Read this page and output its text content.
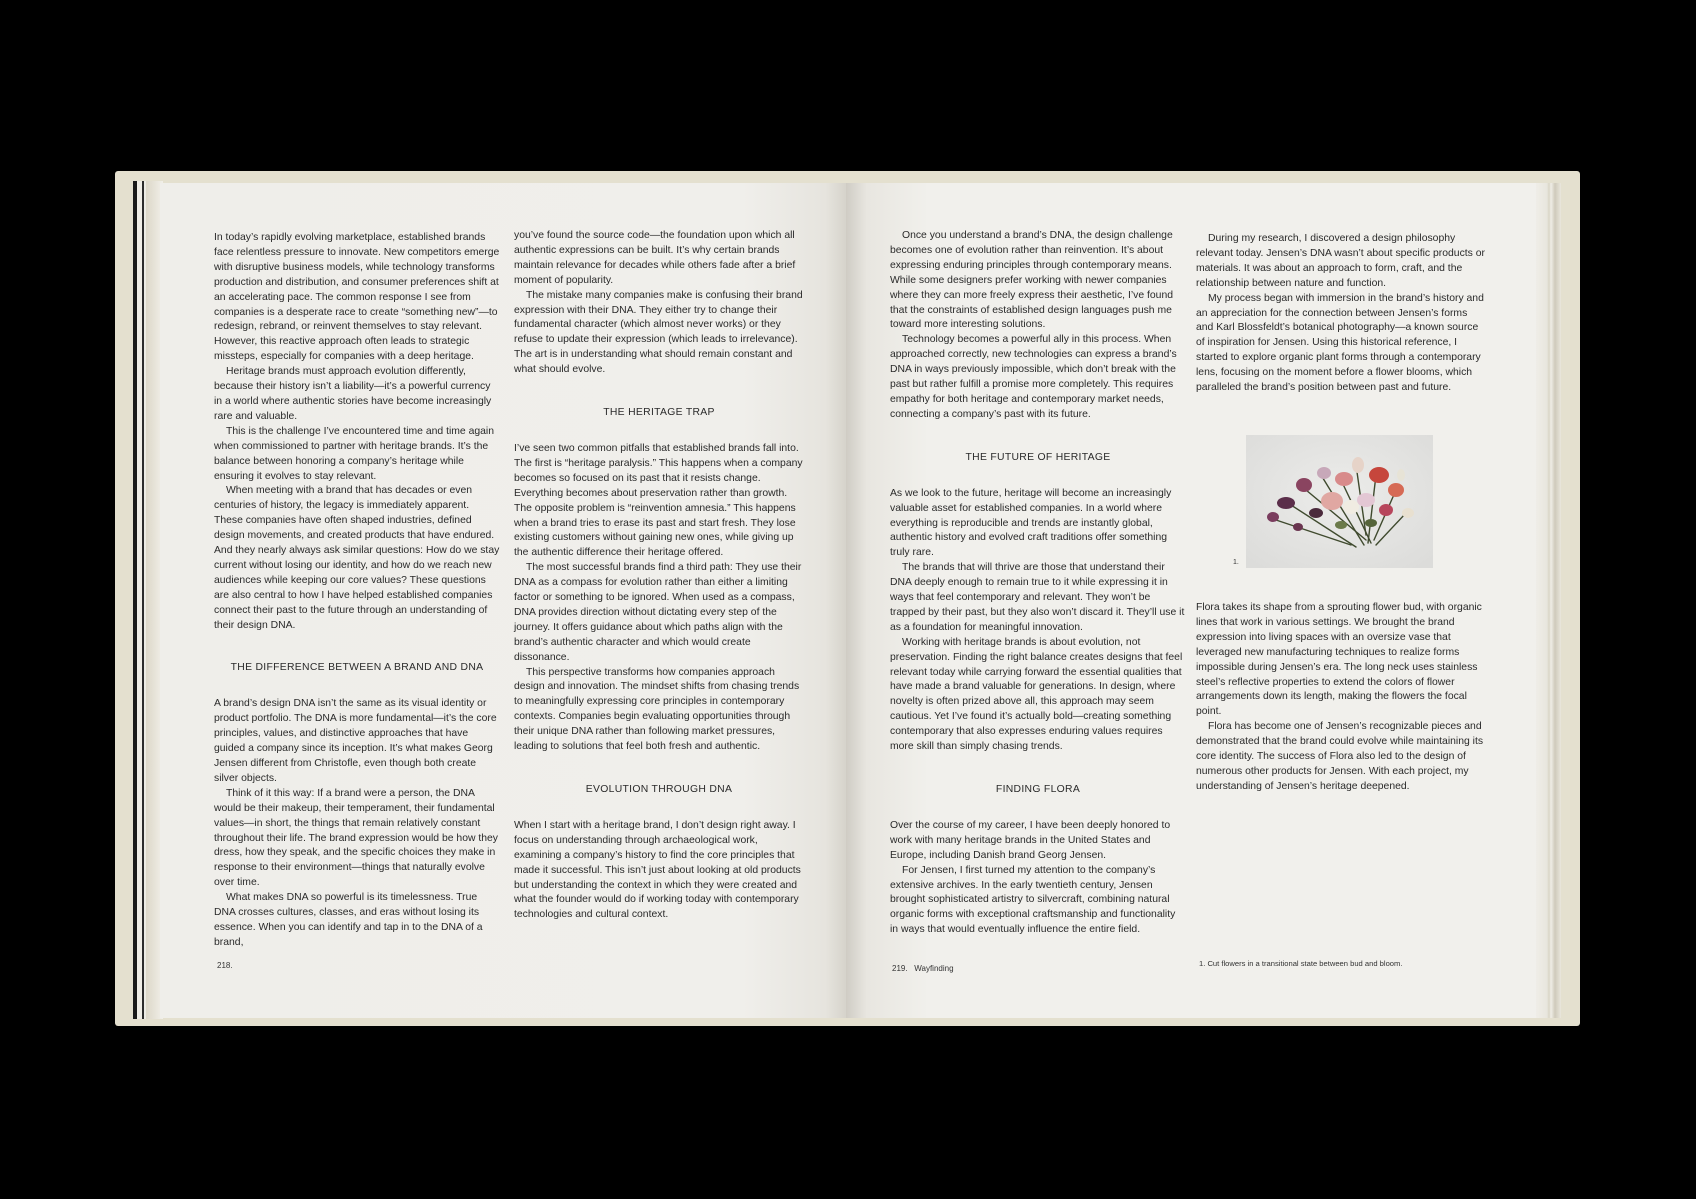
In today’s rapidly evolving marketplace, established brands face relentless pressure to innovate. New competitors emerge with disruptive business models, while technology transforms production and distribution, and consumer preferences shift at an accelerating pace. The common response I see from companies is a desperate race to create “something new”—to redesign, rebrand, or reinvent themselves to stay relevant. However, this reactive approach often leads to strategic missteps, especially for companies with a deep heritage.

Heritage brands must approach evolution differently, because their history isn’t a liability—it’s a powerful currency in a world where authentic stories have become increasingly rare and valuable.

This is the challenge I’ve encountered time and time again when commissioned to partner with heritage brands. It’s the balance between honoring a company’s heritage while ensuring it evolves to stay relevant.

When meeting with a brand that has decades or even centuries of history, the legacy is immediately apparent. These companies have often shaped industries, defined design movements, and created products that have endured. And they nearly always ask similar questions: How do we stay current without losing our identity, and how do we reach new audiences while keeping our core values? These questions are also central to how I have helped established companies connect their past to the future through an understanding of their design DNA.

THE DIFFERENCE BETWEEN A BRAND AND DNA

A brand’s design DNA isn’t the same as its visual identity or product portfolio. The DNA is more fundamental—it’s the core principles, values, and distinctive approaches that have guided a company since its inception. It’s what makes Georg Jensen different from Christofle, even though both create silver objects.

Think of it this way: If a brand were a person, the DNA would be their makeup, their temperament, their fundamental values—in short, the things that remain relatively constant throughout their life. The brand expression would be how they dress, how they speak, and the specific choices they make in response to their environment—things that naturally evolve over time.

What makes DNA so powerful is its timelessness. True DNA crosses cultures, classes, and eras without losing its essence. When you can identify and tap in to the DNA of a brand,

you’ve found the source code—the foundation upon which all authentic expressions can be built. It’s why certain brands maintain relevance for decades while others fade after a brief moment of popularity.

The mistake many companies make is confusing their brand expression with their DNA. They either try to change their fundamental character (which almost never works) or they refuse to update their expression (which leads to irrelevance). The art is in understanding what should remain constant and what should evolve.

THE HERITAGE TRAP

I’ve seen two common pitfalls that established brands fall into. The first is “heritage paralysis.” This happens when a company becomes so focused on its past that it resists change. Everything becomes about preservation rather than growth. The opposite problem is “reinvention amnesia.” This happens when a brand tries to erase its past and start fresh. They lose existing customers without gaining new ones, while giving up the authentic difference their heritage offered.

The most successful brands find a third path: They use their DNA as a compass for evolution rather than either a limiting factor or something to be ignored. When used as a compass, DNA provides direction without dictating every step of the journey. It offers guidance about which paths align with the brand’s authentic character and which would create dissonance.

This perspective transforms how companies approach design and innovation. The mindset shifts from chasing trends to meaningfully expressing core principles in contemporary contexts. Companies begin evaluating opportunities through their unique DNA rather than following market pressures, leading to solutions that feel both fresh and authentic.

EVOLUTION THROUGH DNA

When I start with a heritage brand, I don’t design right away. I focus on understanding through archaeological work, examining a company’s history to find the core principles that made it successful. This isn’t just about looking at old products but understanding the context in which they were created and what the founder would do if working today with contemporary technologies and cultural context.

218.

Once you understand a brand’s DNA, the design challenge becomes one of evolution rather than reinvention. It’s about expressing enduring principles through contemporary means. While some designers prefer working with newer companies where they can more freely express their aesthetic, I’ve found that the constraints of established design languages push me toward more interesting solutions.

Technology becomes a powerful ally in this process. When approached correctly, new technologies can express a brand’s DNA in ways previously impossible, which don’t break with the past but rather fulfill a promise more completely. This requires empathy for both heritage and contemporary market needs, connecting a company’s past with its future.

THE FUTURE OF HERITAGE

As we look to the future, heritage will become an increasingly valuable asset for established companies. In a world where everything is reproducible and trends are instantly global, authentic history and evolved craft traditions offer something truly rare.

The brands that will thrive are those that understand their DNA deeply enough to remain true to it while expressing it in ways that feel contemporary and relevant. They won’t be trapped by their past, but they also won’t discard it. They’ll use it as a foundation for meaningful innovation.

Working with heritage brands is about evolution, not preservation. Finding the right balance creates designs that feel relevant today while carrying forward the essential qualities that have made a brand valuable for generations. In design, where novelty is often prized above all, this approach may seem cautious. Yet I’ve found it’s actually bold—creating something contemporary that also expresses enduring values requires more skill than simply chasing trends.

FINDING FLORA

Over the course of my career, I have been deeply honored to work with many heritage brands in the United States and Europe, including Danish brand Georg Jensen.

For Jensen, I first turned my attention to the company’s extensive archives. In the early twentieth century, Jensen brought sophisticated artistry to silvercraft, combining natural organic forms with exceptional craftsmanship and functionality in ways that would eventually influence the entire field.

During my research, I discovered a design philosophy relevant today. Jensen’s DNA wasn’t about specific products or materials. It was about an approach to form, craft, and the relationship between nature and function.

My process began with immersion in the brand’s history and an appreciation for the connection between Jensen’s forms and Karl Blossfeldt’s botanical photography—a known source of inspiration for Jensen. Using this historical reference, I started to explore organic plant forms through a contemporary lens, focusing on the moment before a flower blooms, which paralleled the brand’s position between past and future.

1.

Flora takes its shape from a sprouting flower bud, with organic lines that work in various settings. We brought the brand expression into living spaces with an oversize vase that leveraged new manufacturing techniques to realize forms impossible during Jensen’s era. The long neck uses stainless steel’s reflective properties to extend the colors of flower arrangements down its length, making the flowers the focal point.

Flora has become one of Jensen’s recognizable pieces and demonstrated that the brand could evolve while maintaining its core identity. The success of Flora also led to the design of numerous other products for Jensen. With each project, my understanding of Jensen’s heritage deepened.

219.   Wayfinding
1. Cut flowers in a transitional state between bud and bloom.
